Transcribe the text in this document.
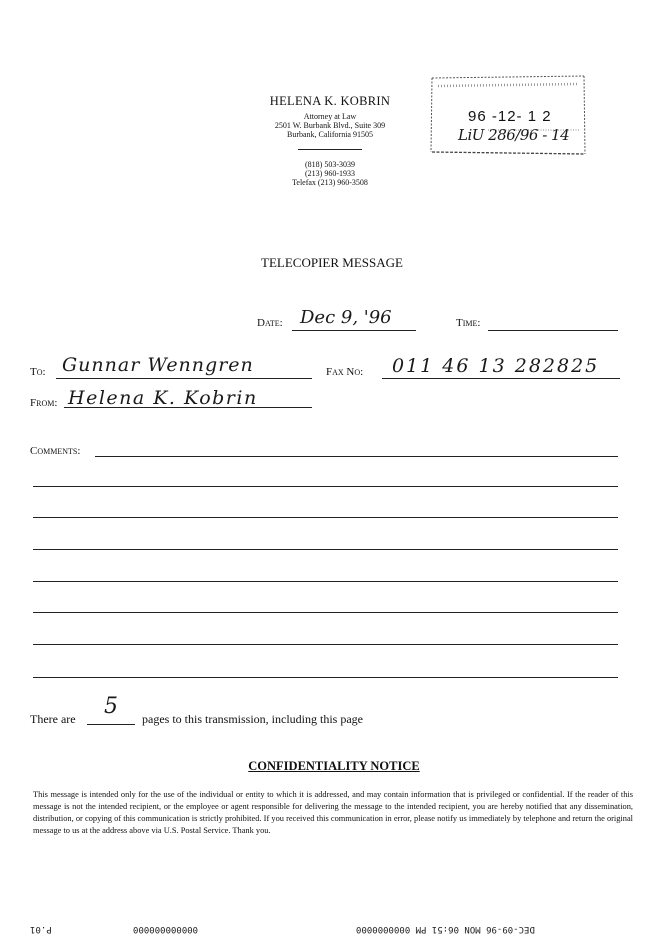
HELENA K. KOBRIN
Attorney at Law
2501 W. Burbank Blvd., Suite 309
Burbank, California 91505
(818) 503-3039
(213) 960-1933
Telefax (213) 960-3508
96 -12- 1 2
LiU 286/96 - 14
TELECOPIER MESSAGE
Date: Dec 9, '96	Time:
To: Gunnar Wenngren	Fax No: 011 46 13 282825
From: Helena K. Kobrin
Comments:
There are 5 pages to this transmission, including this page
CONFIDENTIALITY NOTICE
This message is intended only for the use of the individual or entity to which it is addressed, and may contain information that is privileged or confidential. If the reader of this message is not the intended recipient, or the employee or agent responsible for delivering the message to the intended recipient, you are hereby notified that any dissemination, distribution, or copying of this communication is strictly prohibited. If you received this communication in error, please notify us immediately by telephone and return the original message to us at the address above via U.S. Postal Service. Thank you.
P.01	000000000000	DEC-09-96 MON 06:51 PM 0000000000
